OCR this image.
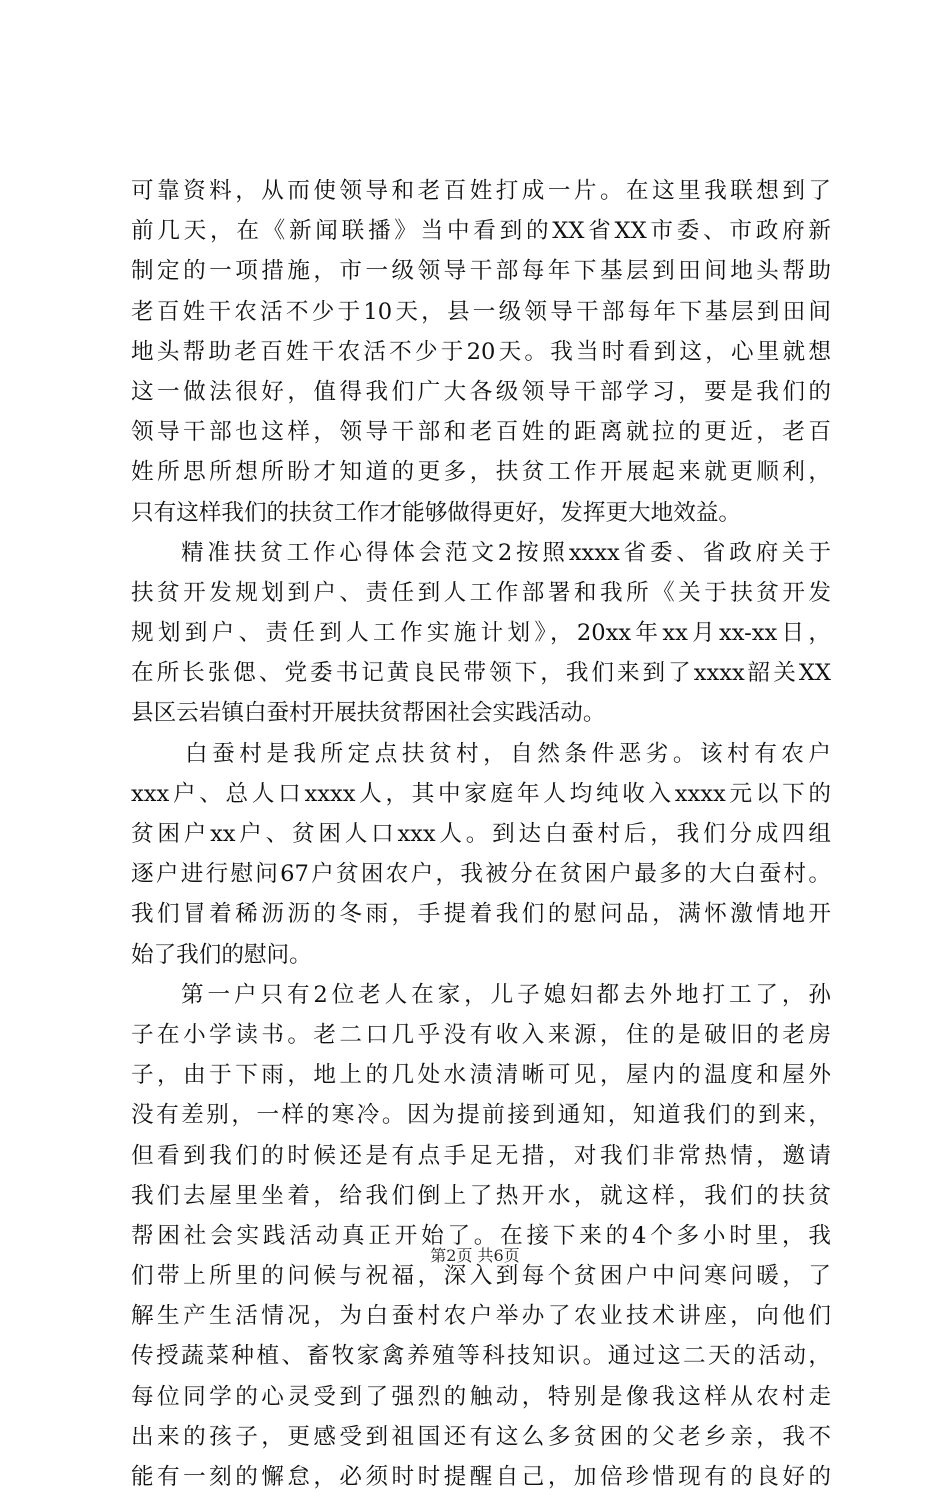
可靠资料，从而使领导和老百姓打成一片。在这里我联想到了
前几天，在《新闻联播》当中看到的XX省XX市委、市政府新
制定的一项措施，市一级领导干部每年下基层到田间地头帮助
老百姓干农活不少于10天，县一级领导干部每年下基层到田间
地头帮助老百姓干农活不少于20天。我当时看到这，心里就想
这一做法很好，值得我们广大各级领导干部学习，要是我们的
领导干部也这样，领导干部和老百姓的距离就拉的更近，老百
姓所思所想所盼才知道的更多，扶贫工作开展起来就更顺利，
只有这样我们的扶贫工作才能够做得更好，发挥更大地效益。
精准扶贫工作心得体会范文2按照xxxx省委、省政府关于
扶贫开发规划到户、责任到人工作部署和我所《关于扶贫开发
规划到户、责任到人工作实施计划》，20xx年xx月xx-xx日，
在所长张偲、党委书记黄良民带领下，我们来到了xxxx韶关XX
县区云岩镇白蚕村开展扶贫帮困社会实践活动。
白蚕村是我所定点扶贫村，自然条件恶劣。该村有农户
xxx户、总人口xxxx人，其中家庭年人均纯收入xxxx元以下的
贫困户xx户、贫困人口xxx人。到达白蚕村后，我们分成四组
逐户进行慰问67户贫困农户，我被分在贫困户最多的大白蚕村。
我们冒着稀沥沥的冬雨，手提着我们的慰问品，满怀激情地开
始了我们的慰问。
第一户只有2位老人在家，儿子媳妇都去外地打工了，孙
子在小学读书。老二口几乎没有收入来源，住的是破旧的老房
子，由于下雨，地上的几处水渍清晰可见，屋内的温度和屋外
没有差别，一样的寒冷。因为提前接到通知，知道我们的到来，
但看到我们的时候还是有点手足无措，对我们非常热情，邀请
我们去屋里坐着，给我们倒上了热开水，就这样，我们的扶贫
帮困社会实践活动真正开始了。在接下来的4个多小时里，我
们带上所里的问候与祝福，深入到每个贫困户中问寒问暖，了
解生产生活情况，为白蚕村农户举办了农业技术讲座，向他们
传授蔬菜种植、畜牧家禽养殖等科技知识。通过这二天的活动，
每位同学的心灵受到了强烈的触动，特别是像我这样从农村走
出来的孩子，更感受到祖国还有这么多贫困的父老乡亲，我不
能有一刻的懈怠，必须时时提醒自己，加倍珍惜现有的良好的
第2页 共6页
